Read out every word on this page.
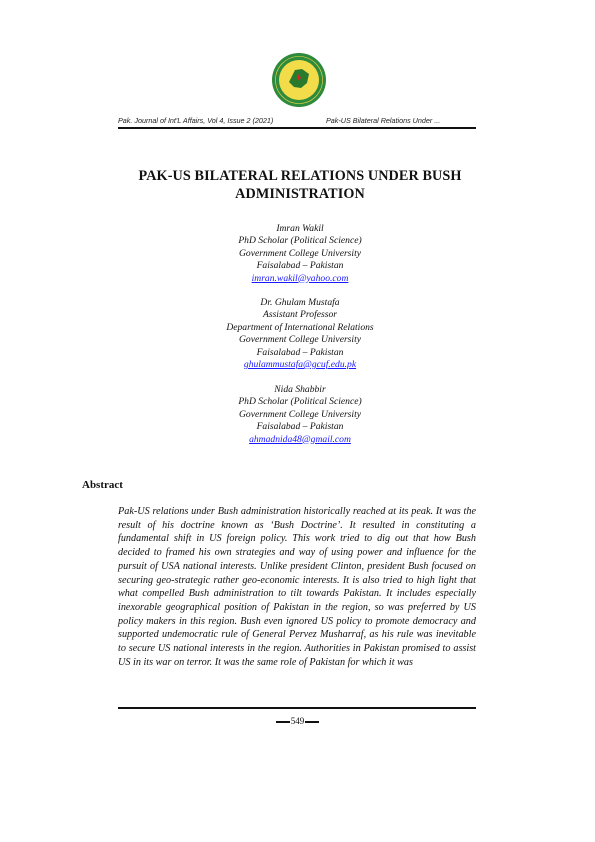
Pak. Journal of Int'L Affairs, Vol 4, Issue 2 (2021)	Pak-US Bilateral Relations Under ...
PAK-US BILATERAL RELATIONS UNDER BUSH
ADMINISTRATION
Imran Wakil
PhD Scholar (Political Science)
Government College University
Faisalabad – Pakistan
imran.wakil@yahoo.com
Dr. Ghulam Mustafa
Assistant Professor
Department of International Relations
Government College University
Faisalabad – Pakistan
ghulammustafa@gcuf.edu.pk
Nida Shabbir
PhD Scholar (Political Science)
Government College University
Faisalabad – Pakistan
ahmadnida48@gmail.com
Abstract
Pak-US relations under Bush administration historically reached at its peak. It was the result of his doctrine known as ‘Bush Doctrine’. It resulted in constituting a fundamental shift in US foreign policy. This work tried to dig out that how Bush decided to framed his own strategies and way of using power and influence for the pursuit of USA national interests. Unlike president Clinton, president Bush focused on securing geo-strategic rather geo-economic interests. It is also tried to high light that what compelled Bush administration to tilt towards Pakistan. It includes especially inexorable geographical position of Pakistan in the region, so was preferred by US policy makers in this region. Bush even ignored US policy to promote democracy and supported undemocratic rule of General Pervez Musharraf, as his rule was inevitable to secure US national interests in the region. Authorities in Pakistan promised to assist US in its war on terror. It was the same role of Pakistan for which it was
549
